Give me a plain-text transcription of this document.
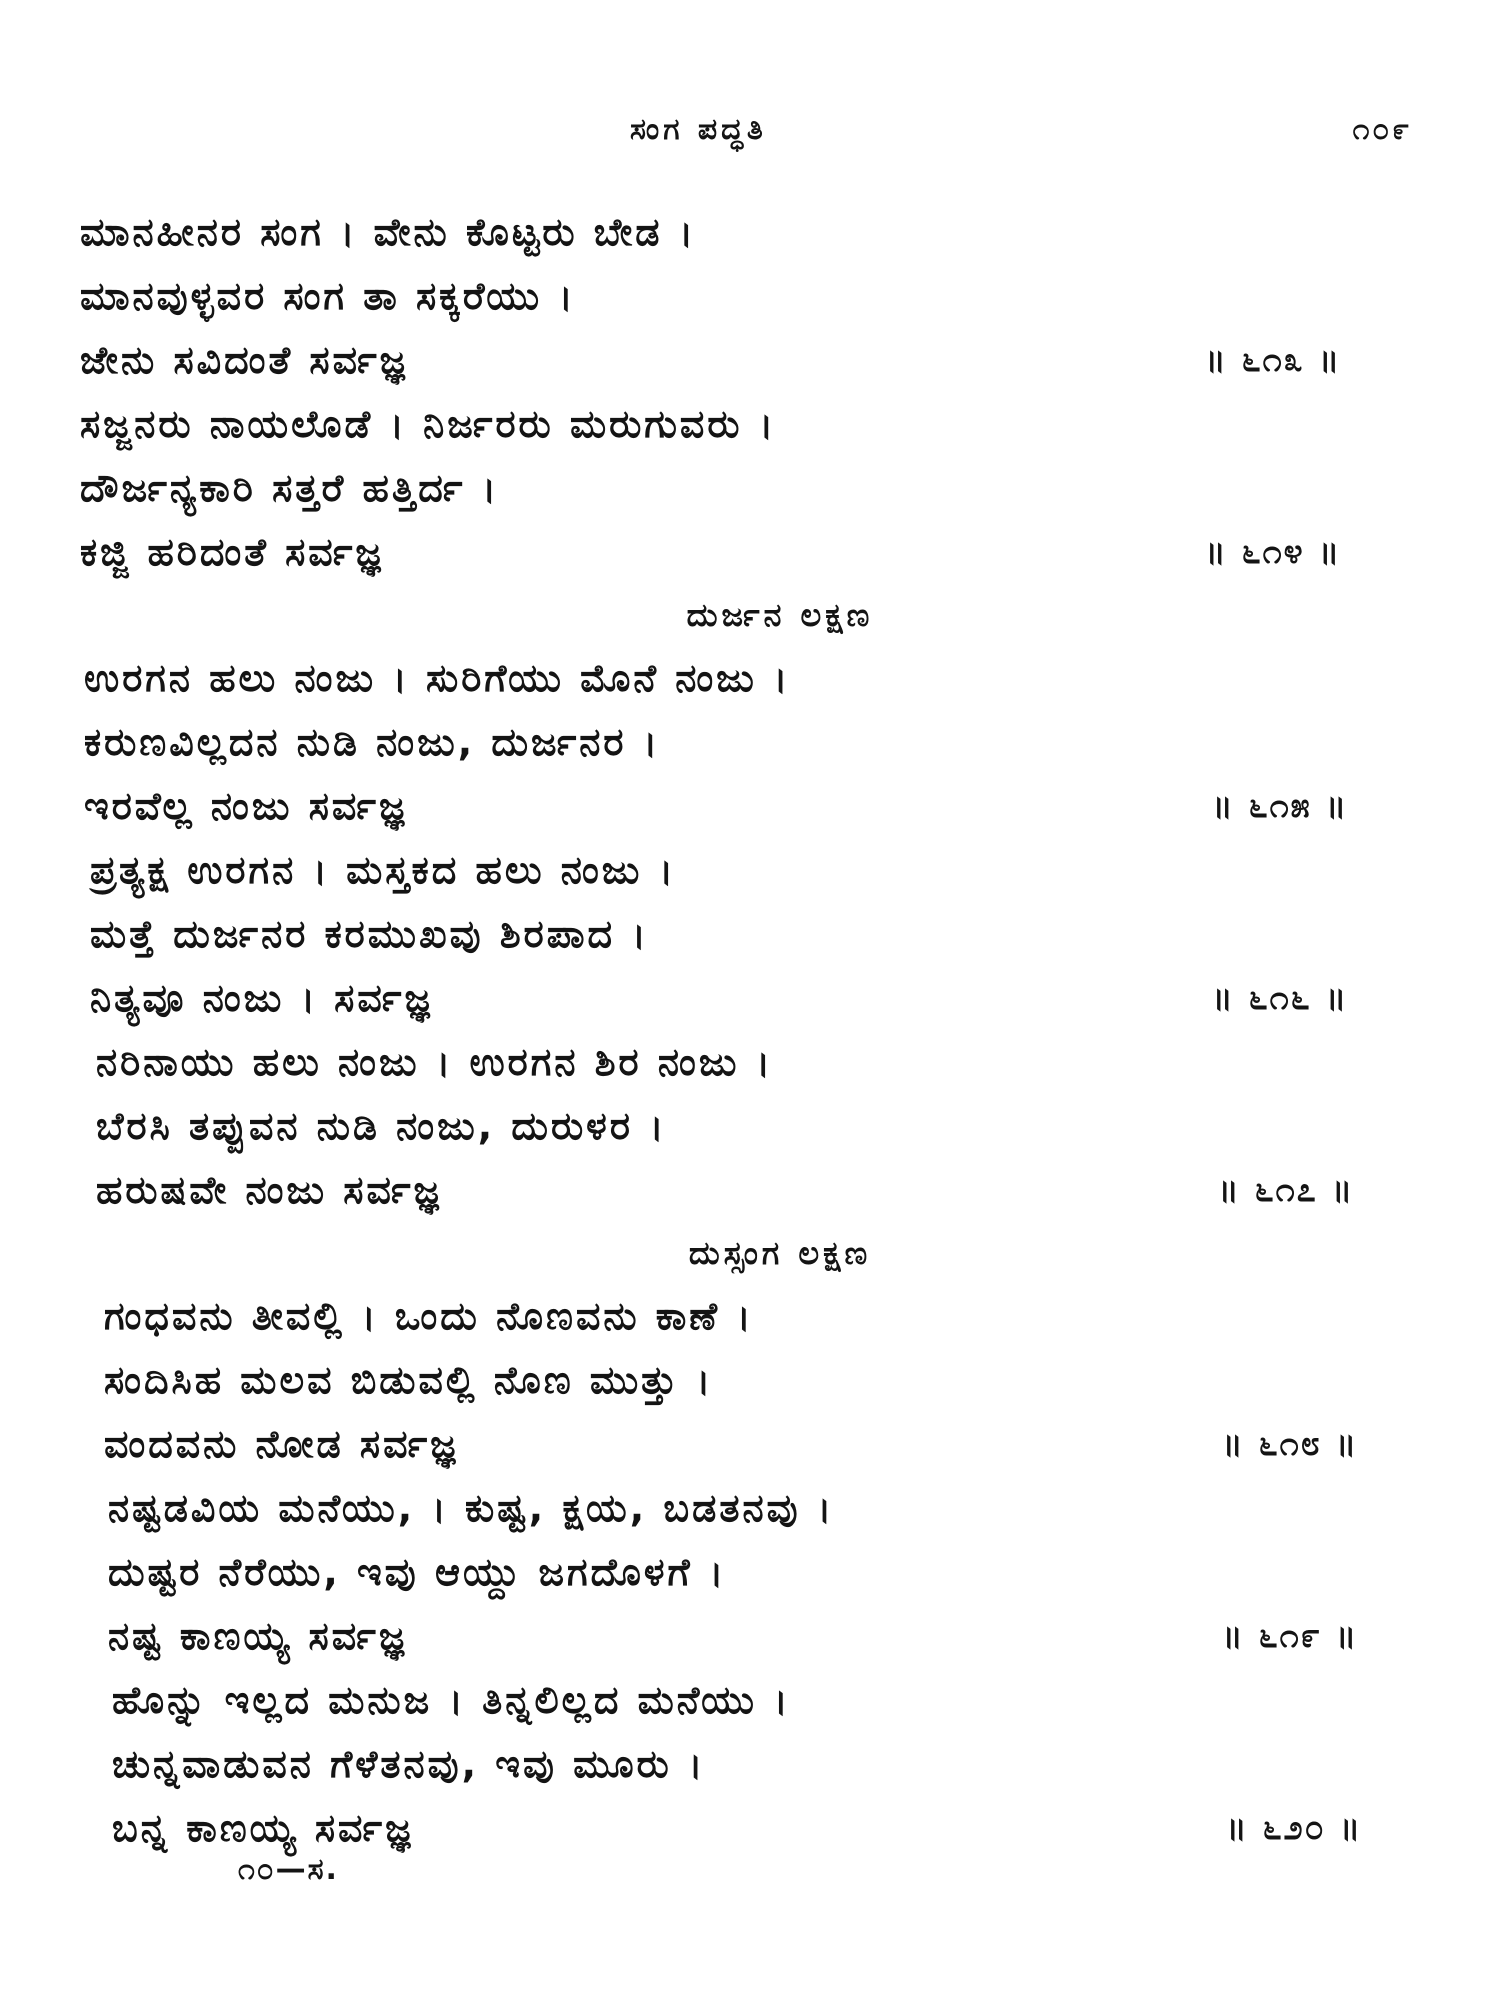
ಸಂಗ ಪದ್ಧತಿ	೧೦೯
ಮಾನಹೀನರ ಸಂಗ । ವೇನು ಕೊಟ್ಟರು ಬೇಡ ।
ಮಾನವುಳ್ಳವರ ಸಂಗ ತಾ ಸಕ್ಕರೆಯು ।
ಜೇನು ಸವಿದಂತೆ ಸರ್ವಜ್ಞ	॥ ೬೧೩ ॥
ಸಜ್ಜನರು ನಾಯಲೊಡೆ । ನಿರ್ಜರರು ಮರುಗುವರು ।
ದೌರ್ಜನ್ಯಕಾರಿ ಸತ್ತರೆ ಹತ್ತಿರ್ದ ।
ಕಜ್ಜಿ ಹರಿದಂತೆ ಸರ್ವಜ್ಞ	॥ ೬೧೪ ॥
ದುರ್ಜನ ಲಕ್ಷಣ
ಉರಗನ ಹಲು ನಂಜು । ಸುರಿಗೆಯು ಮೊನೆ ನಂಜು ।
ಕರುಣವಿಲ್ಲದನ ನುಡಿ ನಂಜು, ದುರ್ಜನರ ।
ಇರವೆಲ್ಲ ನಂಜು ಸರ್ವಜ್ಞ	॥ ೬೧೫ ॥
ಪ್ರತ್ಯಕ್ಷ ಉರಗನ । ಮಸ್ತಕದ ಹಲು ನಂಜು ।
ಮತ್ತೆ ದುರ್ಜನರ ಕರಮುಖವು ಶಿರಪಾದ ।
ನಿತ್ಯವೂ ನಂಜು । ಸರ್ವಜ್ಞ	॥ ೬೧೬ ॥
ನರಿನಾಯು ಹಲು ನಂಜು । ಉರಗನ ಶಿರ ನಂಜು ।
ಬೆರಸಿ ತಪ್ಪುವನ ನುಡಿ ನಂಜು, ದುರುಳರ ।
ಹರುಷವೇ ನಂಜು ಸರ್ವಜ್ಞ	॥ ೬೧೭ ॥
ದುಸ್ಸಂಗ ಲಕ್ಷಣ
ಗಂಧವನು ತೀವಲ್ಲಿ । ಒಂದು ನೊಣವನು ಕಾಣೆ ।
ಸಂದಿಸಿಹ ಮಲವ ಬಿಡುವಲ್ಲಿ ನೊಣ ಮುತ್ತು ।
ವಂದವನು ನೋಡ ಸರ್ವಜ್ಞ	॥ ೬೧೮ ॥
ನಷ್ಟಡವಿಯ ಮನೆಯು, । ಕುಷ್ಟ, ಕ್ಷಯ, ಬಡತನವು ।
ದುಷ್ಟರ ನೆರೆಯು, ಇವು ಆಯ್ದು ಜಗದೊಳಗೆ ।
ನಷ್ಟ ಕಾಣಯ್ಯ ಸರ್ವಜ್ಞ	॥ ೬೧೯ ॥
ಹೊನ್ನು ಇಲ್ಲದ ಮನುಜ । ತಿನ್ನಲಿಲ್ಲದ ಮನೆಯು ।
ಚುನ್ನವಾಡುವನ ಗೆಳೆತನವು, ಇವು ಮೂರು ।
ಬನ್ನ ಕಾಣಯ್ಯ ಸರ್ವಜ್ಞ	॥ ೬೨೦ ॥
೧೦—ಸ.
